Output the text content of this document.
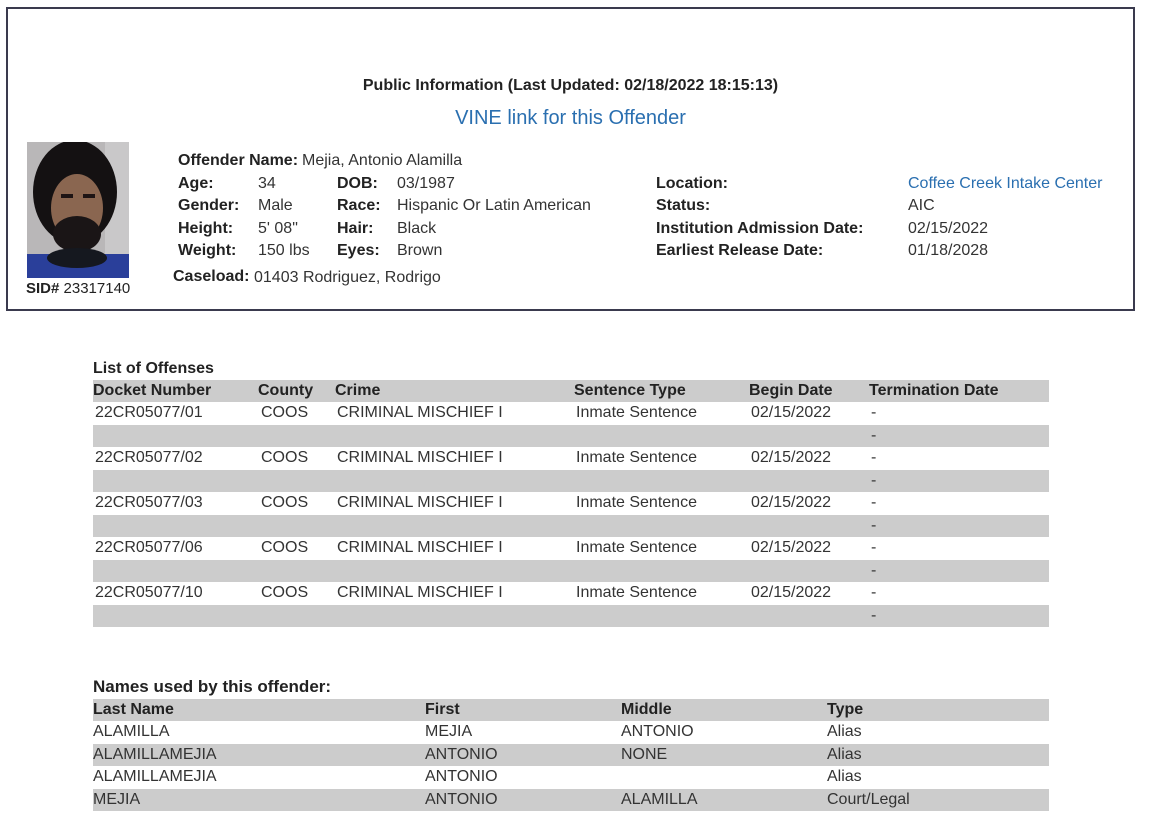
Public Information (Last Updated: 02/18/2022 18:15:13)
VINE link for this Offender
SID# 23317140
Offender Name: Mejia, Antonio Alamilla
Age:	34	DOB: 03/1987
Gender: Male	Race: Hispanic Or Latin American
Height: 5' 08" Hair: Black
Weight: 150 lbs Eyes: Brown
Caseload: 01403 Rodriguez, Rodrigo
Location:	Coffee Creek Intake Center
Status:	AIC
Institution Admission Date:	02/15/2022
Earliest Release Date:	01/18/2028
List of Offenses
Docket Number	County	Crime	Sentence Type	Begin Date	Termination Date
22CR05077/01	COOS	CRIMINAL MISCHIEF I	Inmate Sentence	02/15/2022	-
					-
22CR05077/02	COOS	CRIMINAL MISCHIEF I	Inmate Sentence	02/15/2022	-
					-
22CR05077/03	COOS	CRIMINAL MISCHIEF I	Inmate Sentence	02/15/2022	-
					-
22CR05077/06	COOS	CRIMINAL MISCHIEF I	Inmate Sentence	02/15/2022	-
					-
22CR05077/10	COOS	CRIMINAL MISCHIEF I	Inmate Sentence	02/15/2022	-
					-
Names used by this offender:
Last Name	First	Middle	Type
ALAMILLA	MEJIA	ANTONIO	Alias
ALAMILLAMEJIA	ANTONIO	NONE	Alias
ALAMILLAMEJIA	ANTONIO		Alias
MEJIA	ANTONIO	ALAMILLA	Court/Legal
